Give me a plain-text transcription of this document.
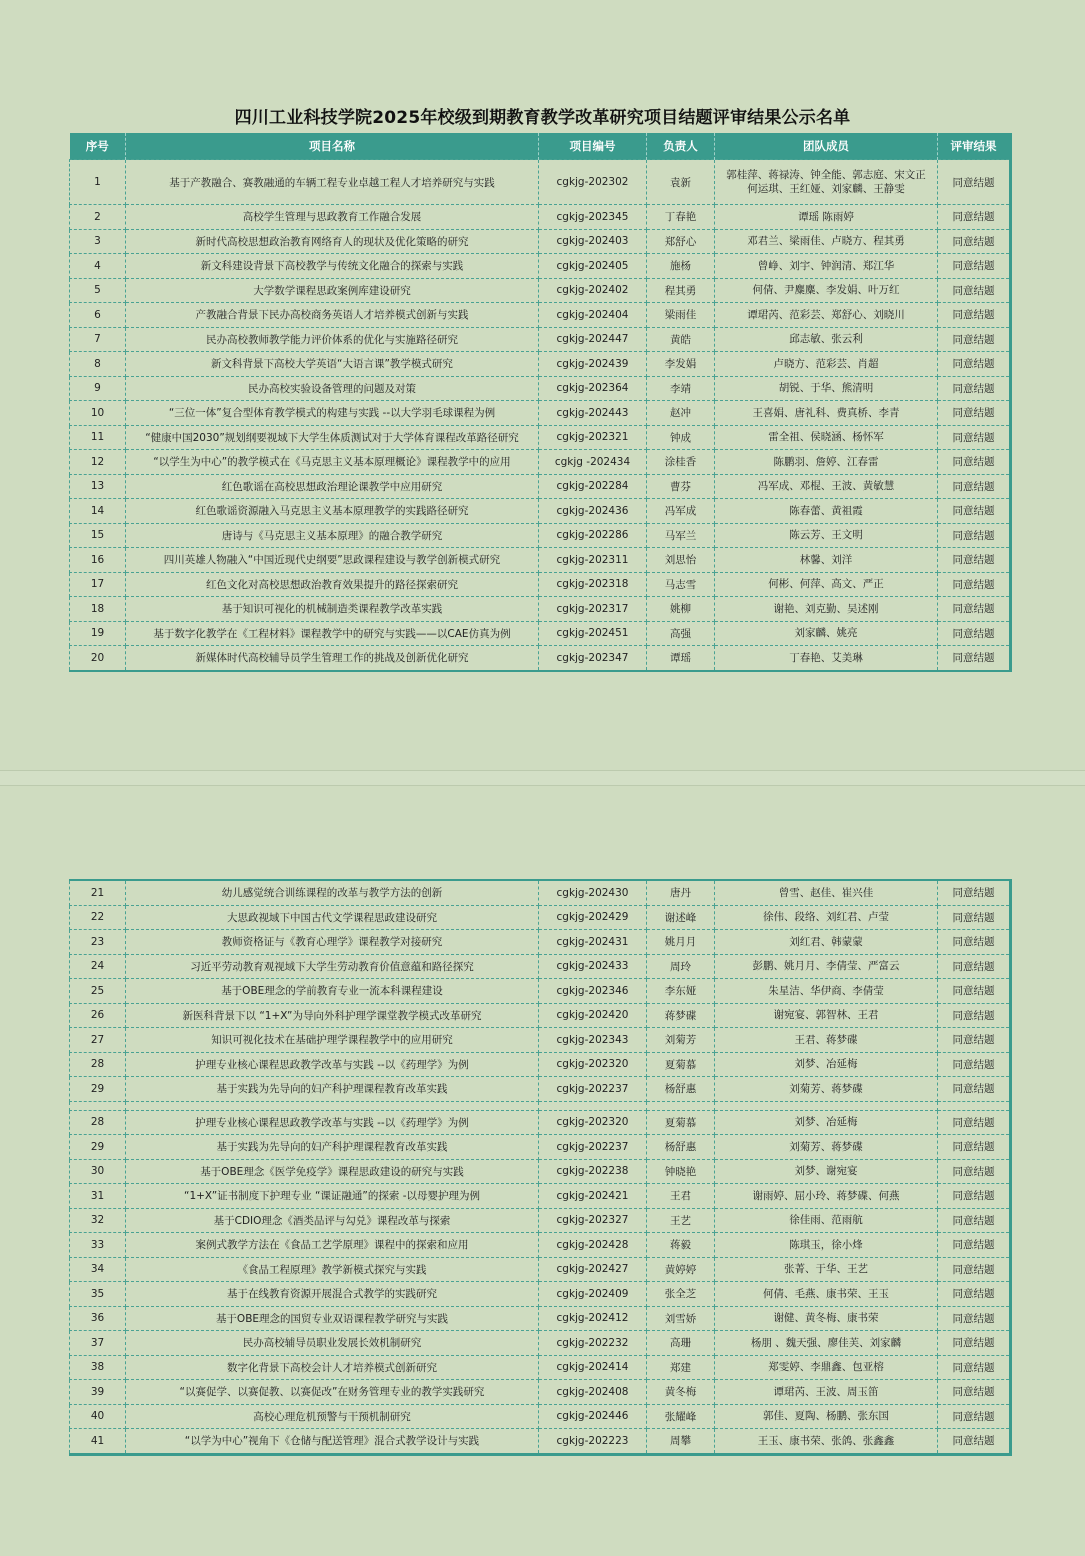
四川工业科技学院2025年校级到期教育教学改革研究项目结题评审结果公示名单
序号	项目名称	项目编号	负责人	团队成员	评审结果
1	基于产教融合、赛教融通的车辆工程专业卓越工程人才培养研究与实践	cgkjg-202302	袁新	郭桂萍、蒋禄涛、钟全能、郭志庭、宋文正
何运琪、王红娅、刘家麟、王静雯	同意结题
2	高校学生管理与思政教育工作融合发展	cgkjg-202345	丁春艳	谭瑶 陈雨婷	同意结题
3	新时代高校思想政治教育网络育人的现状及优化策略的研究	cgkjg-202403	郑舒心	邓君兰、梁雨佳、卢晓方、程其勇	同意结题
4	新文科建设背景下高校教学与传统文化融合的探索与实践	cgkjg-202405	施杨	曾峥、刘宇、钟润清、郑江华	同意结题
5	大学数学课程思政案例库建设研究	cgkjg-202402	程其勇	何倩、尹麋麋、李发娟、叶万红	同意结题
6	产教融合背景下民办高校商务英语人才培养模式创新与实践	cgkjg-202404	梁雨佳	谭珺芮、范彩芸、郑舒心、刘晓川	同意结题
7	民办高校教师教学能力评价体系的优化与实施路径研究	cgkjg-202447	黄皓	邱志敏、张云利	同意结题
8	新文科背景下高校大学英语“大语言课”教学模式研究	cgkjg-202439	李发娟	卢晓方、范彩芸、肖超	同意结题
9	民办高校实验设备管理的问题及对策	cgkjg-202364	李靖	胡锐、于华、熊清明	同意结题
10	“三位一体”复合型体育教学模式的构建与实践 --以大学羽毛球课程为例	cgkjg-202443	赵冲	王喜娟、唐礼科、费真桥、李青	同意结题
11	“健康中国2030”规划纲要视域下大学生体质测试对于大学体育课程改革路径研究	cgkjg-202321	钟成	雷全祖、侯晓涵、杨怀军	同意结题
12	“以学生为中心”的教学模式在《马克思主义基本原理概论》课程教学中的应用	cgkjg -202434	涂桂香	陈鹏羽、詹婷、江春雷	同意结题
13	红色歌谣在高校思想政治理论课教学中应用研究	cgkjg-202284	曹芬	冯军成、邓棍、王波、黄敏慧	同意结题
14	红色歌谣资源融入马克思主义基本原理教学的实践路径研究	cgkjg-202436	冯军成	陈春蕾、黄祖霞	同意结题
15	唐诗与《马克思主义基本原理》的融合教学研究	cgkjg-202286	马军兰	陈云芳、王文明	同意结题
16	四川英雄人物融入“中国近现代史纲要”思政课程建设与教学创新模式研究	cgkjg-202311	刘思怡	林馨、刘洋	同意结题
17	红色文化对高校思想政治教育效果提升的路径探索研究	cgkjg-202318	马志雪	何彬、何萍、高文、严正	同意结题
18	基于知识可视化的机械制造类课程教学改革实践	cgkjg-202317	姚柳	谢艳、刘克勤、吴述刚	同意结题
19	基于数字化教学在《工程材料》课程教学中的研究与实践——以CAE仿真为例	cgkjg-202451	高强	刘家麟、姚亮	同意结题
20	新媒体时代高校辅导员学生管理工作的挑战及创新优化研究	cgkjg-202347	谭瑶	丁春艳、艾美琳	同意结题
21	幼儿感觉统合训练课程的改革与教学方法的创新	cgkjg-202430	唐丹	曾雪、赵佳、崔兴佳	同意结题
22	大思政视域下中国古代文学课程思政建设研究	cgkjg-202429	谢述峰	徐伟、段络、刘红君、卢莹	同意结题
23	教师资格证与《教育心理学》课程教学对接研究	cgkjg-202431	姚月月	刘红君、韩蒙蒙	同意结题
24	习近平劳动教育观视域下大学生劳动教育价值意蕴和路径探究	cgkjg-202433	周玲	彭鹏、姚月月、李倩莹、严富云	同意结题
25	基于OBE理念的学前教育专业一流本科课程建设	cgkjg-202346	李东娅	朱星洁、华伊商、李倩莹	同意结题
26	新医科背景下以 “1+X”为导向外科护理学课堂教学模式改革研究	cgkjg-202420	蒋梦碟	谢宛宴、郭智林、王君	同意结题
27	知识可视化技术在基础护理学课程教学中的应用研究	cgkjg-202343	刘菊芳	王君、蒋梦碟	同意结题
28	护理专业核心课程思政教学改革与实践 --以《药理学》为例	cgkjg-202320	夏菊慕	刘梦、冶延梅	同意结题
29	基于实践为先导向的妇产科护理课程教育改革实践	cgkjg-202237	杨舒惠	刘菊芳、蒋梦碟	同意结题

28	护理专业核心课程思政教学改革与实践 --以《药理学》为例	cgkjg-202320	夏菊慕	刘梦、冶延梅	同意结题
29	基于实践为先导向的妇产科护理课程教育改革实践	cgkjg-202237	杨舒惠	刘菊芳、蒋梦碟	同意结题
30	基于OBE理念《医学免疫学》课程思政建设的研究与实践	cgkjg-202238	钟晓艳	刘梦、谢宛宴	同意结题
31	“1+X”证书制度下护理专业 “课证融通”的探索 -以母婴护理为例	cgkjg-202421	王君	谢雨婷、屈小玲、蒋梦碟、何燕	同意结题
32	基于CDIO理念《酒类品评与勾兑》课程改革与探索	cgkjg-202327	王艺	徐佳雨、范雨航	同意结题
33	案例式教学方法在《食品工艺学原理》课程中的探索和应用	cgkjg-202428	蒋毅	陈琪玉，徐小烽	同意结题
34	《食品工程原理》教学新模式探究与实践	cgkjg-202427	黄婷婷	张菁、于华、王艺	同意结题
35	基于在线教育资源开展混合式教学的实践研究	cgkjg-202409	张全芝	何倩、毛燕、康书荣、王玉	同意结题
36	基于OBE理念的国贸专业双语课程教学研究与实践	cgkjg-202412	刘雪娇	谢健、黄冬梅、康书荣	同意结题
37	民办高校辅导员职业发展长效机制研究	cgkjg-202232	高珊	杨朋 、魏天强、廖佳芙、刘家麟	同意结题
38	数字化背景下高校会计人才培养模式创新研究	cgkjg-202414	郑建	郑雯婷、李鼎鑫、包亚榕	同意结题
39	“以赛促学、以赛促教、以赛促改”在财务管理专业的教学实践研究	cgkjg-202408	黄冬梅	谭珺芮、王波、周玉笛	同意结题
40	高校心理危机预警与干预机制研究	cgkjg-202446	张耀峰	郭佳、夏陶、杨鹏、张东国	同意结题
41	“以学为中心”视角下《仓储与配送管理》混合式教学设计与实践	cgkjg-202223	周攀	王玉、康书荣、张鸽、张鑫鑫	同意结题
